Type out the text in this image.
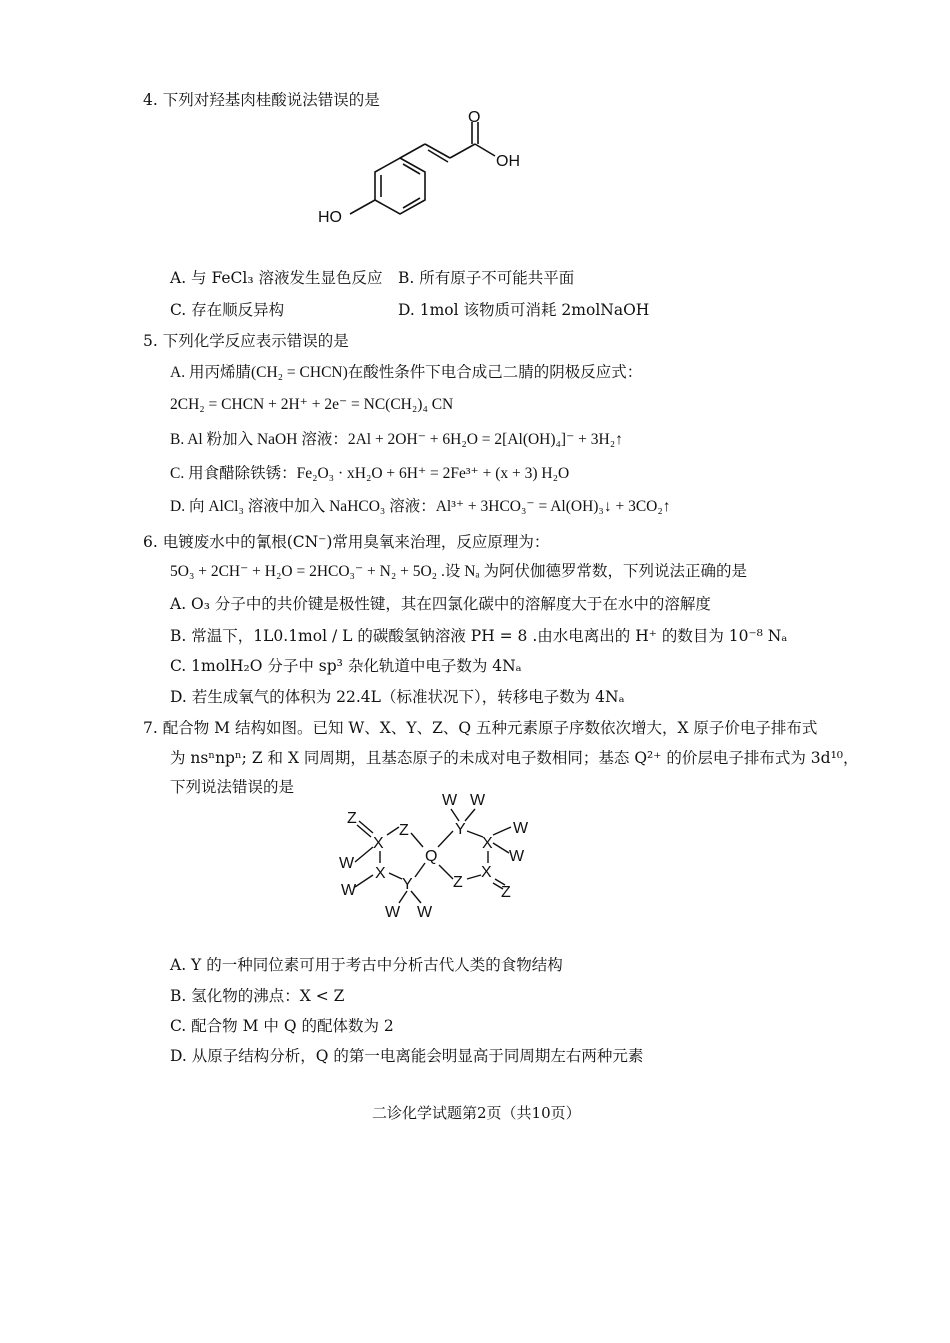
4. 下列对羟基肉桂酸说法错误的是
HO
OH
O
A. 与 FeCl₃ 溶液发生显色反应 B. 所有原子不可能共平面
C. 存在顺反异构	D. 1mol 该物质可消耗 2molNaOH
5. 下列化学反应表示错误的是
A. 用丙烯腈(CH₂ = CHCN)在酸性条件下电合成己二腈的阴极反应式：
2CH₂ = CHCN + 2H⁺ + 2e⁻ = NC(CH₂)₄ CN
B. Al 粉加入 NaOH 溶液：2Al + 2OH⁻ + 6H₂O = 2[Al(OH)₄]⁻ + 3H₂↑
C. 用食醋除铁锈：Fe₂O₃ · xH₂O + 6H⁺ = 2Fe³⁺ + (x + 3) H₂O
D. 向 AlCl₃ 溶液中加入 NaHCO₃ 溶液：Al³⁺ + 3HCO₃⁻ = Al(OH)₃↓ + 3CO₂↑
6. 电镀废水中的氰根(CN⁻)常用臭氧来治理，反应原理为：
5O₃ + 2CH⁻ + H₂O = 2HCO₃⁻ + N₂ + 5O₂ .设 Nₐ 为阿伏伽德罗常数，下列说法正确的是
A. O₃ 分子中的共价键是极性键，其在四氯化碳中的溶解度大于在水中的溶解度
B. 常温下，1L0.1mol / L 的碳酸氢钠溶液 PH = 8 .由水电离出的 H⁺ 的数目为 10⁻⁸ Nₐ
C. 1molH₂O 分子中 sp³ 杂化轨道中电子数为 4Nₐ
D. 若生成氧气的体积为 22.4L（标准状况下），转移电子数为 4Nₐ
7. 配合物 M 结构如图。已知 W、X、Y、Z、Q 五种元素原子序数依次增大，X 原子价电子排布式
为 nsⁿnpⁿ; Z 和 X 同周期，且基态原子的未成对电子数相同；基态 Q²⁺ 的价层电子排布式为 3d¹⁰，
下列说法错误的是
W W
Z
Z	Y
X	X
W
W
Q
W
W
X	X
Z
Y	Z
W W
A. Y 的一种同位素可用于考古中分析古代人类的食物结构
B. 氢化物的沸点：X < Z
C. 配合物 M 中 Q 的配体数为 2
D. 从原子结构分析，Q 的第一电离能会明显高于同周期左右两种元素
二诊化学试题第2页（共10页）
